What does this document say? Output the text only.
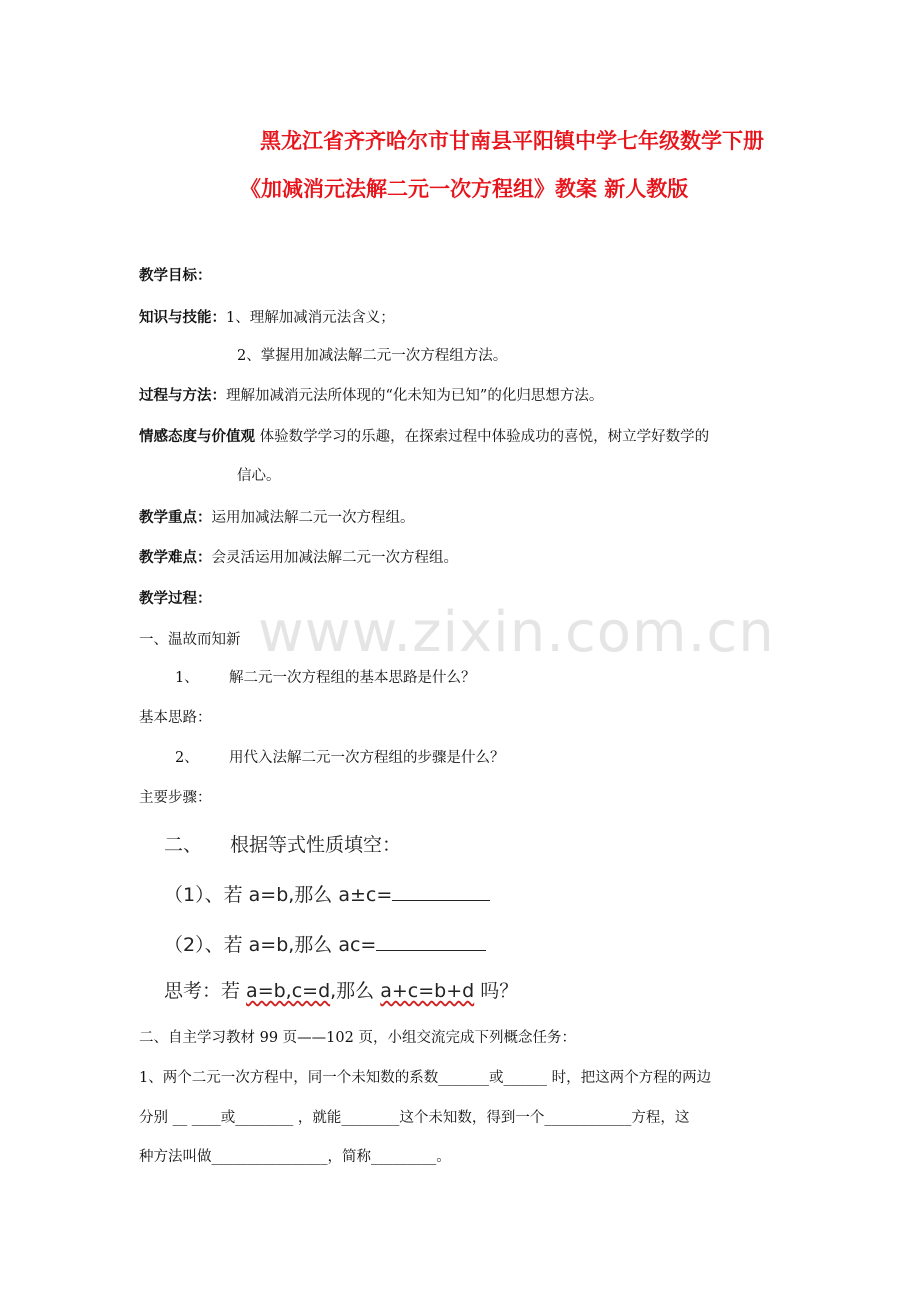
黑龙江省齐齐哈尔市甘南县平阳镇中学七年级数学下册
《加减消元法解二元一次方程组》教案 新人教版
教学目标：
知识与技能：1、理解加减消元法含义；
2、掌握用加减法解二元一次方程组方法。
过程与方法：理解加减消元法所体现的“化未知为已知”的化归思想方法。
情感态度与价值观 体验数学学习的乐趣，在探索过程中体验成功的喜悦，树立学好数学的
信心。
教学重点：运用加减法解二元一次方程组。
教学难点：会灵活运用加减法解二元一次方程组。
教学过程：
www.zixin.com.cn
一、温故而知新
1、 解二元一次方程组的基本思路是什么？
基本思路：
2、 用代入法解二元一次方程组的步骤是什么？
主要步骤：
二、 根据等式性质填空：
（1）、若 a=b,那么 a±c=
（2）、若 a=b,那么 ac=
思考：若 a=b,c=d,那么 a+c=b+d 吗？
二、自主学习教材 99 页——102 页，小组交流完成下列概念任务：
1、两个二元一次方程中，同一个未知数的系数_______或______ 时，把这两个方程的两边
分别 __ ____或________ ，就能________这个未知数，得到一个____________方程，这
种方法叫做________________，简称_________。
